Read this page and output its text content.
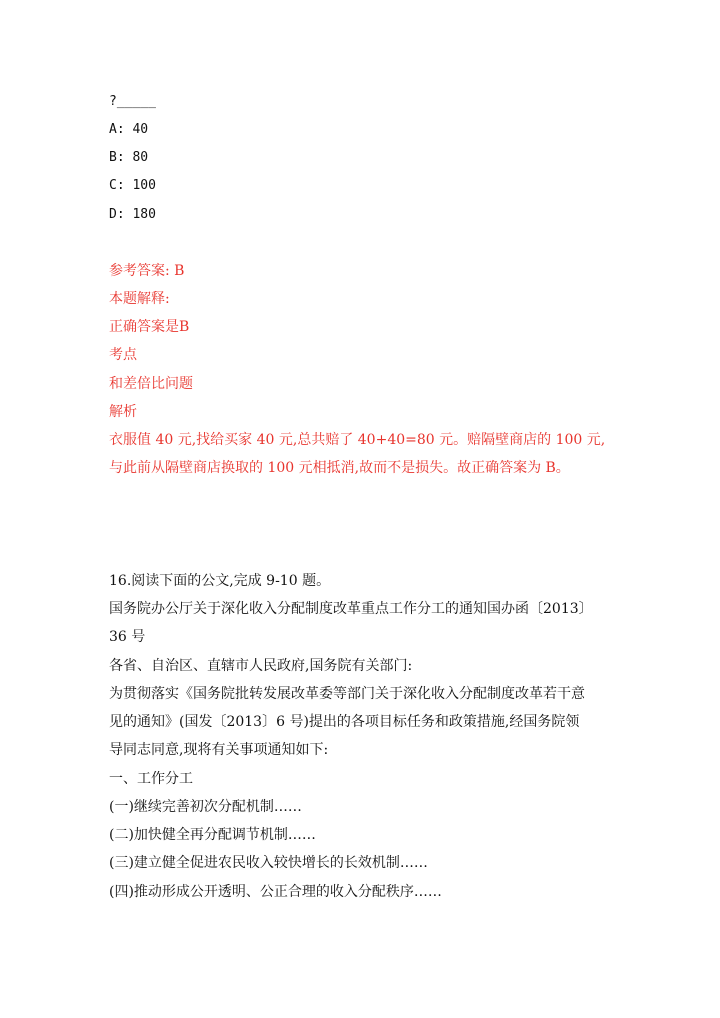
?_____
A: 40
B: 80
C: 100
D: 180
参考答案: B
本题解释:
正确答案是B
考点
和差倍比问题
解析
衣服值 40 元,找给买家 40 元,总共赔了 40+40=80 元。赔隔壁商店的 100 元,
与此前从隔壁商店换取的 100 元相抵消,故而不是损失。故正确答案为 B。
16.阅读下面的公文,完成 9-10 题。
国务院办公厅关于深化收入分配制度改革重点工作分工的通知国办函〔2013〕
36 号
各省、自治区、直辖市人民政府,国务院有关部门:
为贯彻落实《国务院批转发展改革委等部门关于深化收入分配制度改革若干意
见的通知》(国发〔2013〕6 号)提出的各项目标任务和政策措施,经国务院领
导同志同意,现将有关事项通知如下:
一、工作分工
(一)继续完善初次分配机制……
(二)加快健全再分配调节机制……
(三)建立健全促进农民收入较快增长的长效机制……
(四)推动形成公开透明、公正合理的收入分配秩序……
